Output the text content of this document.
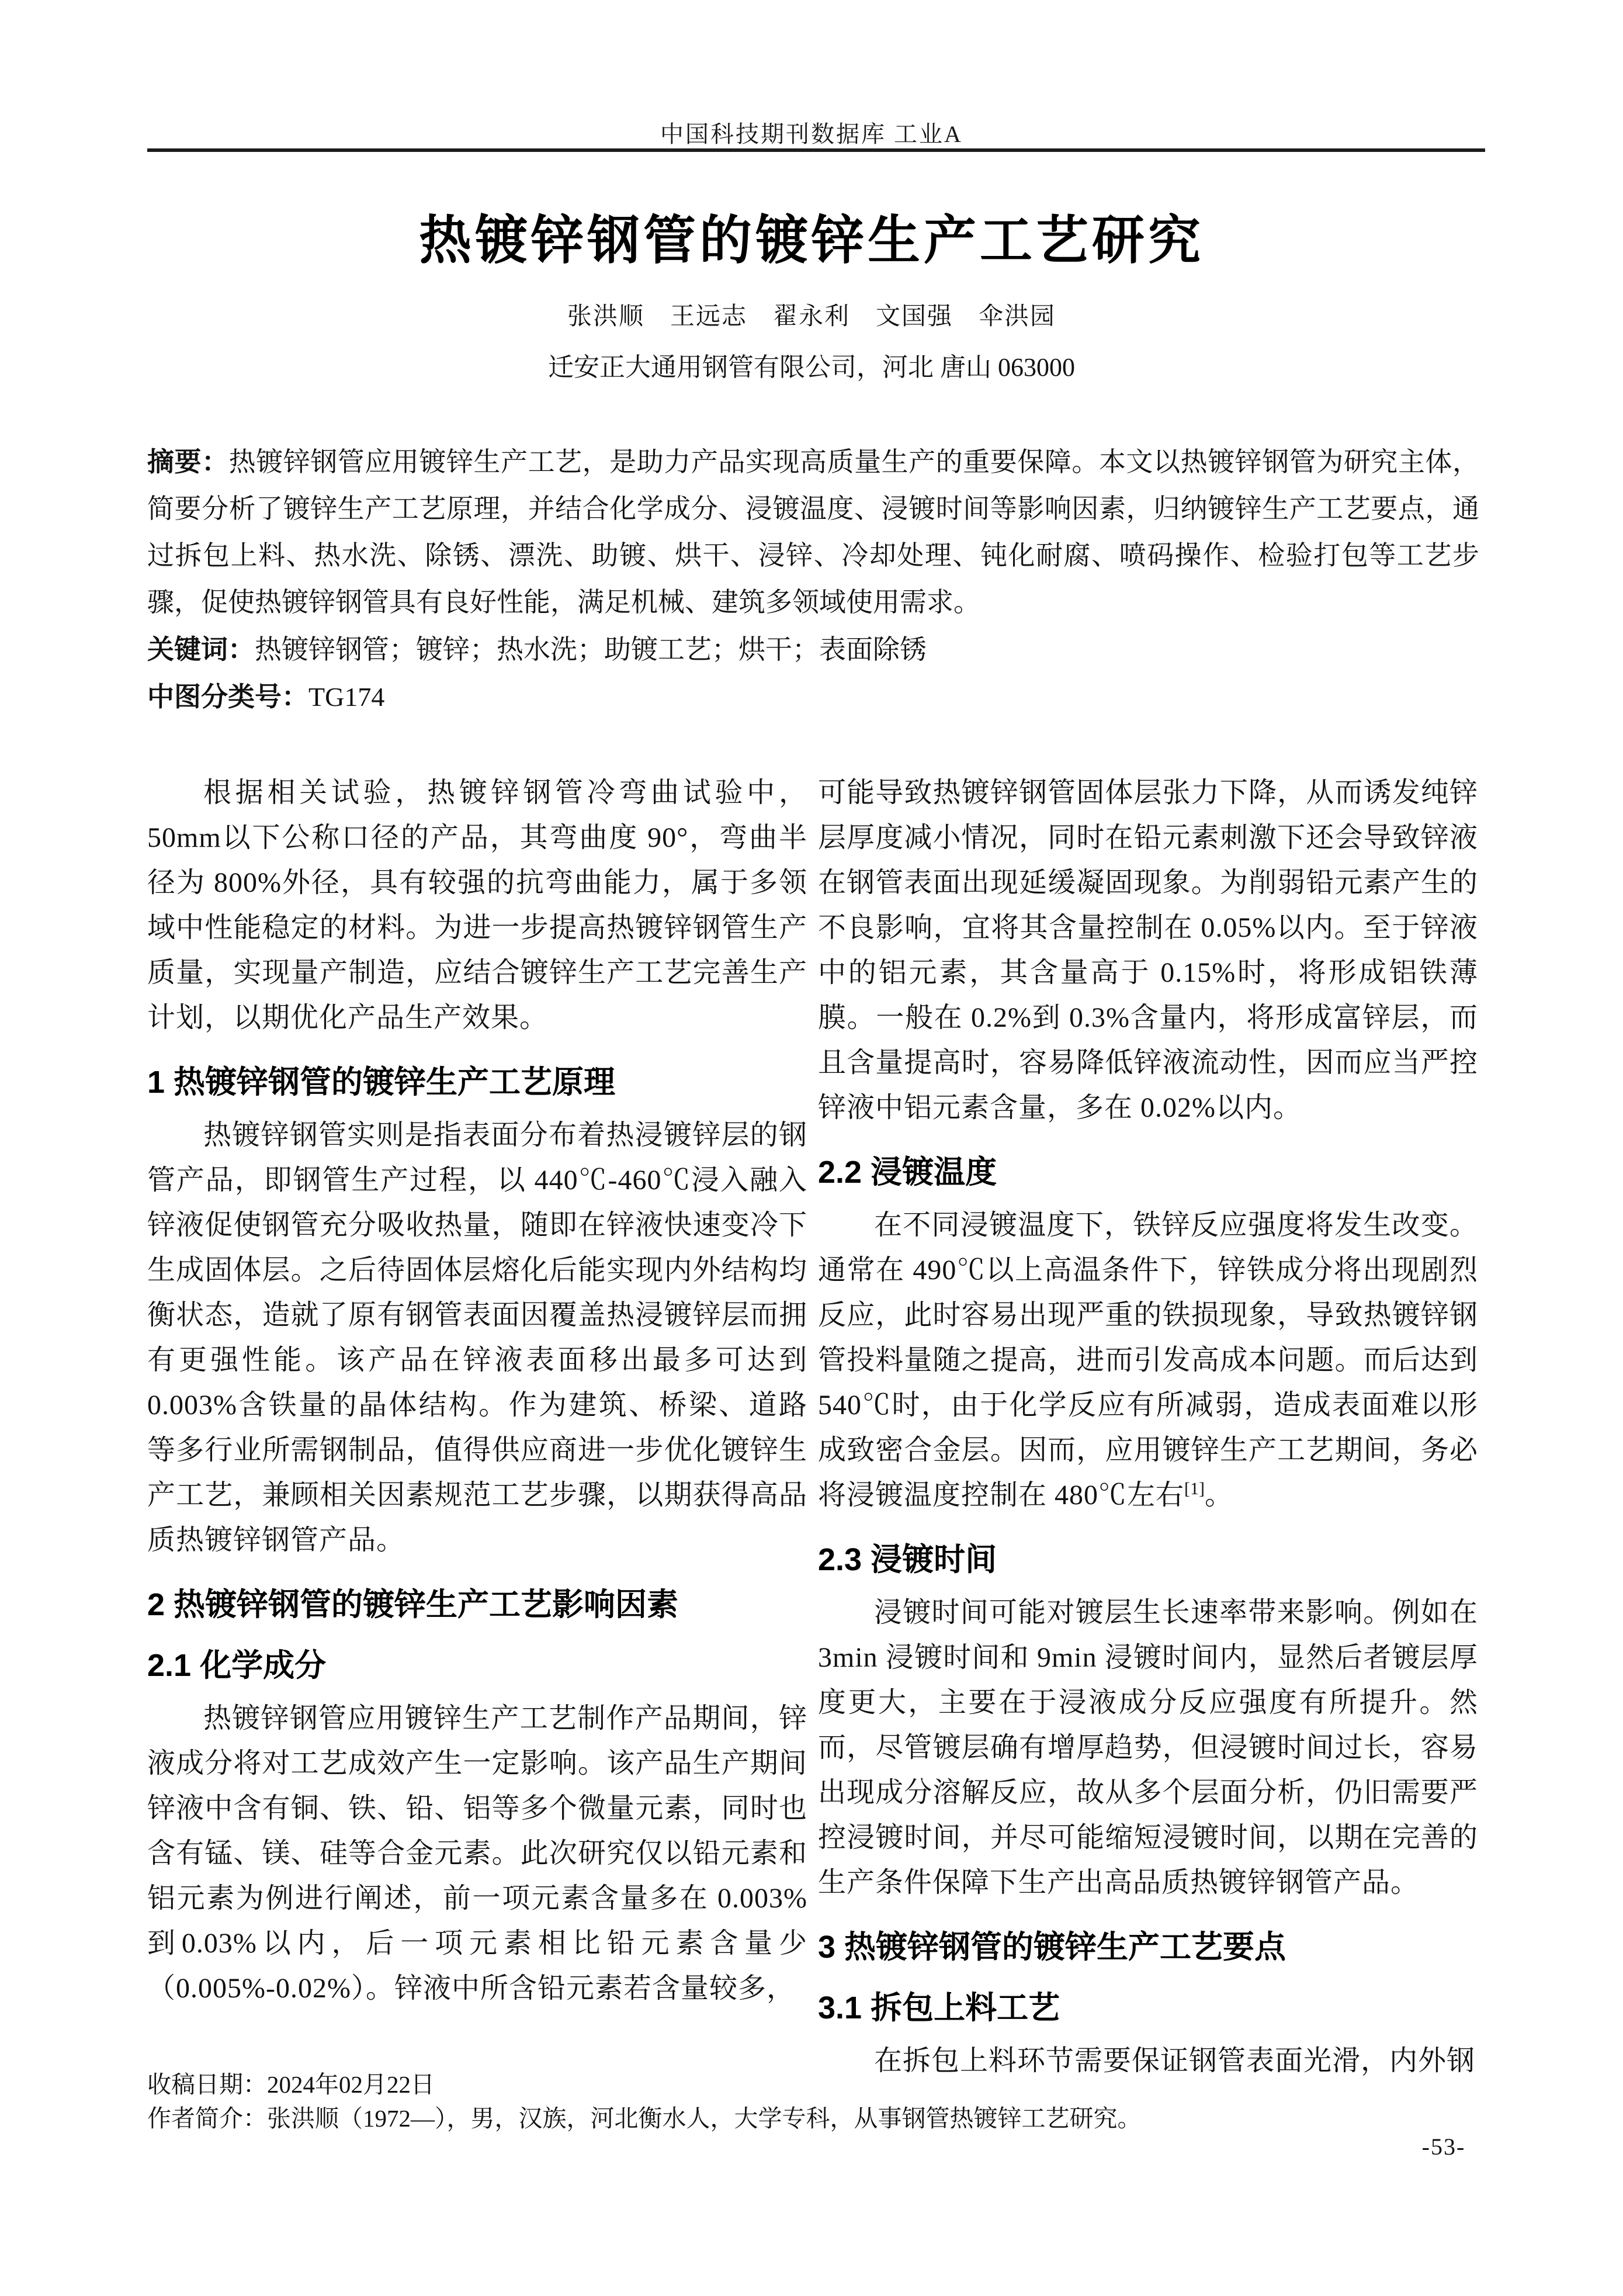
中国科技期刊数据库 工业A
热镀锌钢管的镀锌生产工艺研究
张洪顺　王远志　翟永利　文国强　伞洪园
迁安正大通用钢管有限公司，河北 唐山 063000

摘要：热镀锌钢管应用镀锌生产工艺，是助力产品实现高质量生产的重要保障。本文以热镀锌钢管为研究主体，简要分析了镀锌生产工艺原理，并结合化学成分、浸镀温度、浸镀时间等影响因素，归纳镀锌生产工艺要点，通过拆包上料、热水洗、除锈、漂洗、助镀、烘干、浸锌、冷却处理、钝化耐腐、喷码操作、检验打包等工艺步骤，促使热镀锌钢管具有良好性能，满足机械、建筑多领域使用需求。

关键词：热镀锌钢管；镀锌；热水洗；助镀工艺；烘干；表面除锈

中图分类号：TG174

根据相关试验，热镀锌钢管冷弯曲试验中，50mm以下公称口径的产品，其弯曲度 90°，弯曲半径为 800%外径，具有较强的抗弯曲能力，属于多领域中性能稳定的材料。为进一步提高热镀锌钢管生产质量，实现量产制造，应结合镀锌生产工艺完善生产计划，以期优化产品生产效果。

1 热镀锌钢管的镀锌生产工艺原理

热镀锌钢管实则是指表面分布着热浸镀锌层的钢管产品，即钢管生产过程，以 440℃-460℃浸入融入锌液促使钢管充分吸收热量，随即在锌液快速变冷下生成固体层。之后待固体层熔化后能实现内外结构均衡状态，造就了原有钢管表面因覆盖热浸镀锌层而拥有更强性能。该产品在锌液表面移出最多可达到 0.003%含铁量的晶体结构。作为建筑、桥梁、道路等多行业所需钢制品，值得供应商进一步优化镀锌生产工艺，兼顾相关因素规范工艺步骤，以期获得高品质热镀锌钢管产品。

2 热镀锌钢管的镀锌生产工艺影响因素
2.1 化学成分

热镀锌钢管应用镀锌生产工艺制作产品期间，锌液成分将对工艺成效产生一定影响。该产品生产期间锌液中含有铜、铁、铅、铝等多个微量元素，同时也含有锰、镁、硅等合金元素。此次研究仅以铅元素和铝元素为例进行阐述，前一项元素含量多在 0.003%到0.03%以内，后一项元素相比铅元素含量少（0.005%-0.02%）。锌液中所含铅元素若含量较多，

可能导致热镀锌钢管固体层张力下降，从而诱发纯锌层厚度减小情况，同时在铅元素刺激下还会导致锌液在钢管表面出现延缓凝固现象。为削弱铅元素产生的不良影响，宜将其含量控制在 0.05%以内。至于锌液中的铝元素，其含量高于 0.15%时，将形成铝铁薄膜。一般在 0.2%到 0.3%含量内，将形成富锌层，而且含量提高时，容易降低锌液流动性，因而应当严控锌液中铝元素含量，多在 0.02%以内。

2.2 浸镀温度

在不同浸镀温度下，铁锌反应强度将发生改变。通常在 490℃以上高温条件下，锌铁成分将出现剧烈反应，此时容易出现严重的铁损现象，导致热镀锌钢管投料量随之提高，进而引发高成本问题。而后达到540℃时，由于化学反应有所减弱，造成表面难以形成致密合金层。因而，应用镀锌生产工艺期间，务必将浸镀温度控制在 480℃左右[1]。

2.3 浸镀时间

浸镀时间可能对镀层生长速率带来影响。例如在3min 浸镀时间和 9min 浸镀时间内，显然后者镀层厚度更大，主要在于浸液成分反应强度有所提升。然而，尽管镀层确有增厚趋势，但浸镀时间过长，容易出现成分溶解反应，故从多个层面分析，仍旧需要严控浸镀时间，并尽可能缩短浸镀时间，以期在完善的生产条件保障下生产出高品质热镀锌钢管产品。

3 热镀锌钢管的镀锌生产工艺要点
3.1 拆包上料工艺

在拆包上料环节需要保证钢管表面光滑，内外钢

收稿日期：2024年02月22日

作者简介：张洪顺（1972—），男，汉族，河北衡水人，大学专科，从事钢管热镀锌工艺研究。

-53-
